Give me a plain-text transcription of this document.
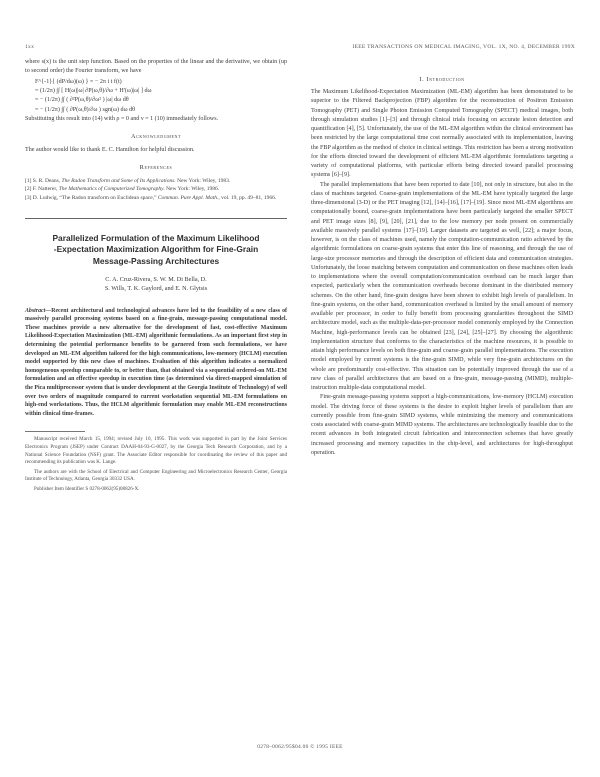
1xx	IEEE TRANSACTIONS ON MEDICAL IMAGING, VOL. 1X, NO. 4, DECEMBER 199X

where s(x) is the unit step function. Based on the properties of the linear and the derivative, we obtain (up to second order) the Fourier transform, we have

F^{-1}{ (dP/dω)(ω) } = − 2π i t f(t)
= (1/2π) ∫∫ [ H(ω)|ω| ∂P(ω,θ)/∂ω + H'(ω)|ω| ] dω
= − (1/2π) ∫∫ ( ∂²P(ω,θ)/∂ω² ) |ω| dω dθ
= − (1/2π) ∫∫ ( ∂P(ω,θ)/∂ω ) sgn(ω) dω dθ

Substituting this result into (14) with ρ = 0 and ν = 1 (10) immediately follows.

Acknowledgment

The author would like to thank E. C. Hamilton for helpful discussion.

References
[1] S. R. Deans, The Radon Transform and Some of Its Applications. New York: Wiley, 1983.
[2] F. Natterer, The Mathematics of Computerized Tomography. New York: Wiley, 1986.
[3] D. Ludwig, “The Radon transform on Euclidean space,” Commun. Pure Appl. Math., vol. 19, pp. 49–81, 1966.
Parallelized Formulation of the Maximum Likelihood
-Expectation Maximization Algorithm for Fine-Grain
Message-Passing Architectures
C. A. Cruz-Rivera, S. W. M. Di Bella, D.
S. Wills, T. K. Gaylord, and E. N. Glytsis

Abstract—Recent architectural and technological advances have led to the feasibility of a new class of massively parallel processing systems based on a fine-grain, message-passing computational model. These machines provide a new alternative for the development of fast, cost-effective Maximum Likelihood-Expectation Maximization (ML-EM) algorithmic formulations. As an important first step in determining the potential performance benefits to be garnered from such formulations, we have developed an ML-EM algorithm tailored for the high communications, low-memory (HCLM) execution model supported by this new class of machines. Evaluation of this algorithm indicates a normalized homogeneous speedup comparable to, or better than, that obtained via a sequential ordered-on ML-EM formulation and an effective speedup in execution time (as determined via direct-mapped simulation of the Pica multiprocessor system that is under development at the Georgia Institute of Technology) of well over two orders of magnitude compared to current workstation sequential ML-EM formulations on high-end workstations. Thus, the HCLM algorithmic formulation may enable ML-EM reconstructions within clinical time-frames.

Manuscript received March 15, 1994; revised July 10, 1995. This work was supported in part by the Joint Services Electronics Program (JSEP) under Contract DAAH-04-93-G-0027, by the Georgia Tech Research Corporation, and by a National Science Foundation (NSF) grant. The Associate Editor responsible for coordinating the review of this paper and recommending its publication was K. Lange.

The authors are with the School of Electrical and Computer Engineering and Microelectronics Research Center, Georgia Institute of Technology, Atlanta, Georgia 30332 USA.

Publisher Item Identifier S 0278-0062(95)08826-X.

I. Introduction

The Maximum Likelihood-Expectation Maximization (ML-EM) algorithm has been demonstrated to be superior to the Filtered Backprojection (FBP) algorithm for the reconstruction of Positron Emission Tomography (PET) and Single Photon Emission Computed Tomography (SPECT) medical images, both through simulation studies [1]–[3] and through clinical trials focusing on accurate lesion detection and quantification [4], [5]. Unfortunately, the use of the ML-EM algorithm within the clinical environment has been restricted by the large computational time cost normally associated with its implementation, leaving the FBP algorithm as the method of choice in clinical settings. This restriction has been a strong motivation for the efforts directed toward the development of efficient ML-EM algorithmic formulations targeting a variety of computational platforms, with particular efforts being directed toward parallel processing systems [6]–[9].

The parallel implementations that have been reported to date [10], not only in structure, but also in the class of machines targeted. Coarse-grain implementations of the ML-EM have typically targeted the large three-dimensional (3-D) or the PET imaging [12], [14]–[16], [17]–[19]. Since most ML-EM algorithms are computationally bound, coarse-grain implementations have been particularly targeted the smaller SPECT and PET image sizes [8], [9], [20], [21], due to the low memory per node present on commercially available massively parallel systems [17]–[19]. Larger datasets are targeted as well, [22]; a major focus, however, is on the class of machines used, namely the computation-communication ratio achieved by the algorithmic formulations on coarse-grain systems that enter this line of reasoning, and through the use of large-size processor memories and through the description of efficient data and communication strategies. Unfortunately, the loose matching between computation and communication on these machines often leads to implementations where the overall computation/communication overhead can be much larger than expected, particularly when the communication overheads become dominant in the distributed memory schemes. On the other hand, fine-grain designs have been shown to exhibit high levels of parallelism. In fine-grain systems, on the other hand, communication overhead is limited by the small amount of memory available per processor, in order to fully benefit from processing granularities throughout the SIMD architecture model, such as the multiple-data-per-processor model commonly employed by the Connection Machine, high-performance levels can be obtained [23], [24], [25]–[27]. By choosing the algorithmic implementation structure that conforms to the characteristics of the machine resources, it is possible to attain high performance levels on both fine-grain and coarse-grain parallel implementations. The execution model employed by current systems is the fine-grain SIMD, while very fine-grain architectures on the whole are predominantly cost-effective. This situation can be potentially improved through the use of a new class of parallel architectures that are based on a fine-grain, message-passing (MIMD), multiple-instruction multiple-data computational model.

Fine-grain message-passing systems support a high-communications, low-memory (HCLM) execution model. The driving force of these systems is the desire to exploit higher levels of parallelism than are currently possible from fine-grain SIMD systems, while minimizing the memory and communications costs associated with coarse-grain MIMD systems. The architectures are technologically feasible due to the recent advances in both integrated circuit fabrication and interconnection schemes that have greatly increased processing and memory capacities in the chip-level, and architectures for high-throughput operation.

0278–0062/95$04.00 © 1995 IEEE
